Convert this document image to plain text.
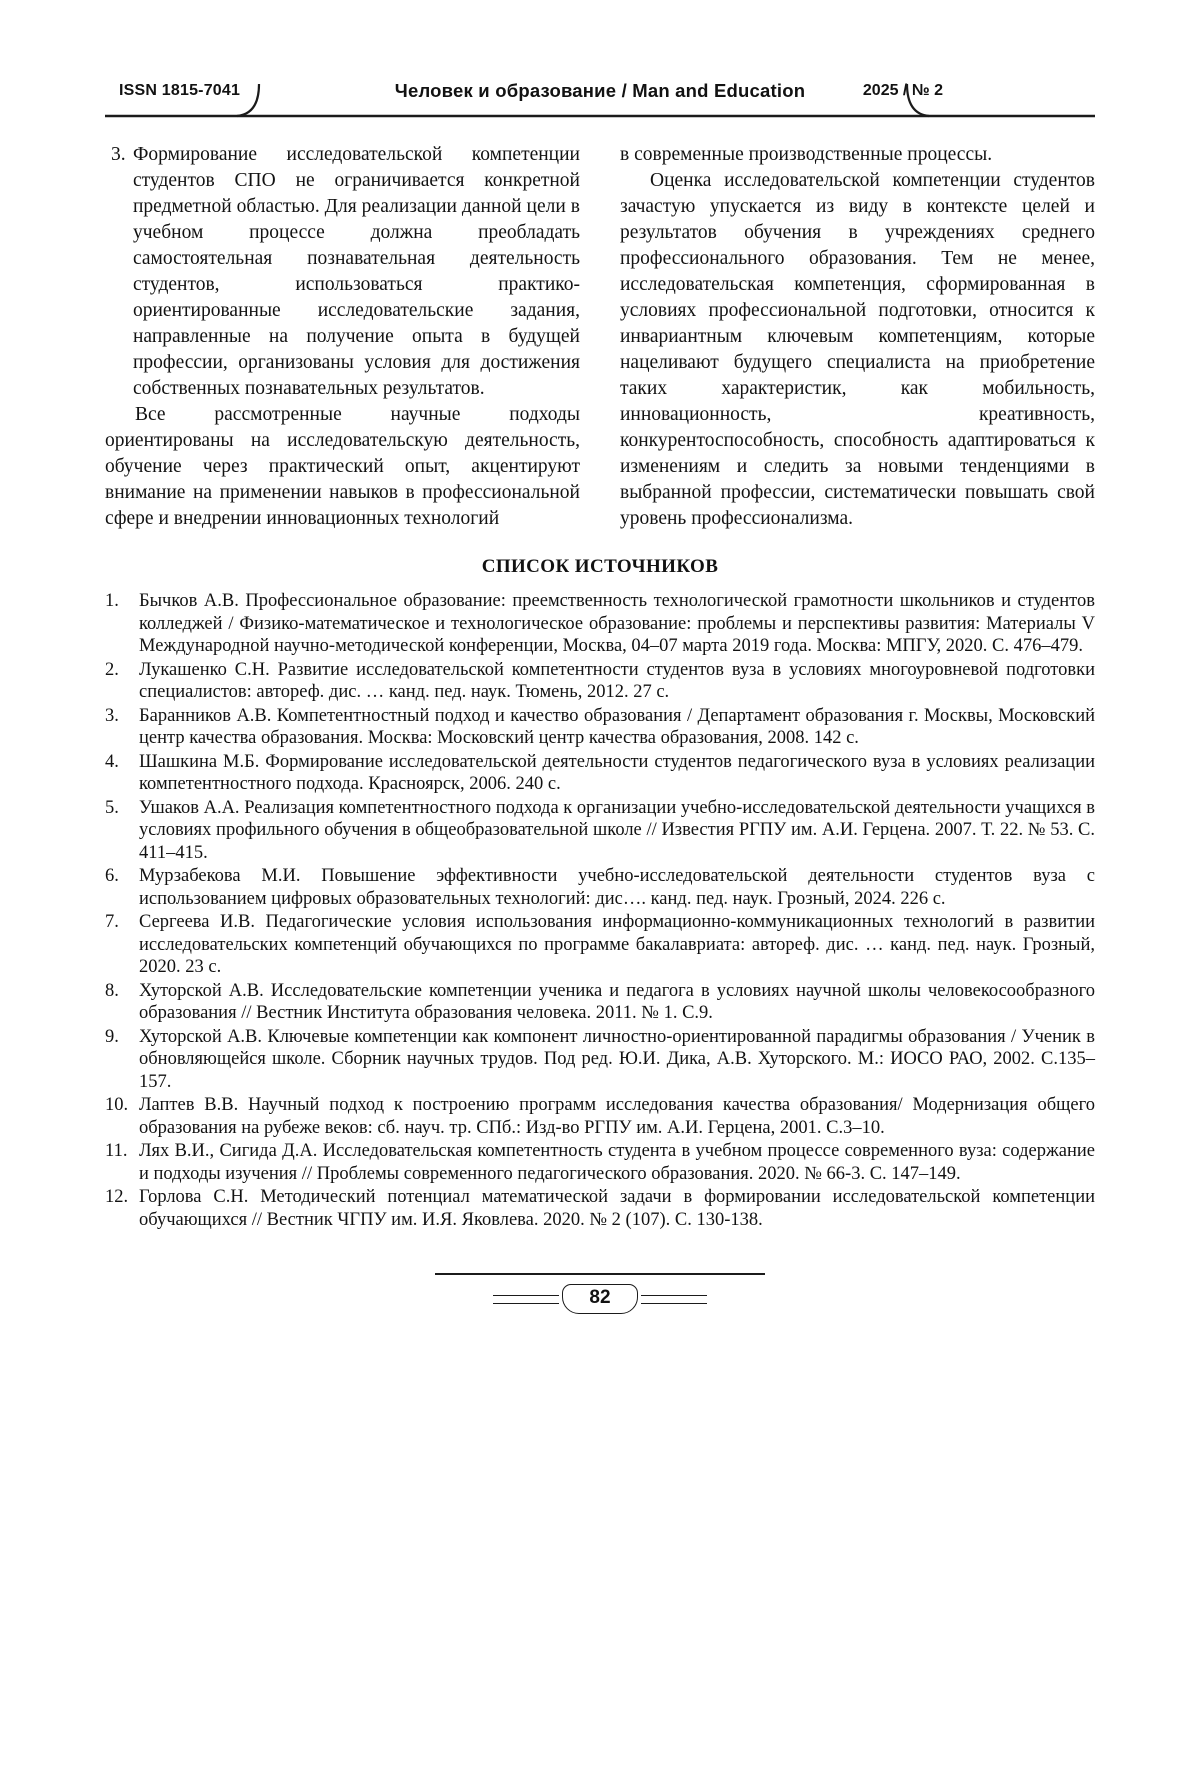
ISSN 1815-7041	Человек и образование / Man and Education	2025 / № 2

3. Формирование исследовательской компетенции студентов СПО не ограничивается конкретной предметной областью. Для реализации данной цели в учебном процессе должна преобладать самостоятельная познавательная деятельность студентов, использоваться практико-ориентированные исследовательские задания, направленные на получение опыта в будущей профессии, организованы условия для достижения собственных познавательных результатов.

Все рассмотренные научные подходы ориентированы на исследовательскую деятельность, обучение через практический опыт, акцентируют внимание на применении навыков в профессиональной сфере и внедрении инновационных технологий

в современные производственные процессы.

Оценка исследовательской компетенции студентов зачастую упускается из виду в контексте целей и результатов обучения в учреждениях среднего профессионального образования. Тем не менее, исследовательская компетенция, сформированная в условиях профессиональной подготовки, относится к инвариантным ключевым компетенциям, которые нацеливают будущего специалиста на приобретение таких характеристик, как мобильность, инновационность, креативность, конкурентоспособность, способность адаптироваться к изменениям и следить за новыми тенденциями в выбранной профессии, систематически повышать свой уровень профессионализма.

СПИСОК ИСТОЧНИКОВ
1. Бычков А.В. Профессиональное образование: преемственность технологической грамотности школьников и студентов колледжей / Физико-математическое и технологическое образование: проблемы и перспективы развития: Материалы V Международной научно-методической конференции, Москва, 04–07 марта 2019 года. Москва: МПГУ, 2020. С. 476–479.
2. Лукашенко С.Н. Развитие исследовательской компетентности студентов вуза в условиях многоуровневой подготовки специалистов: автореф. дис. … канд. пед. наук. Тюмень, 2012. 27 с.
3. Баранников А.В. Компетентностный подход и качество образования / Департамент образования г. Москвы, Московский центр качества образования. Москва: Московский центр качества образования, 2008. 142 с.
4. Шашкина М.Б. Формирование исследовательской деятельности студентов педагогического вуза в условиях реализации компетентностного подхода. Красноярск, 2006. 240 с.
5. Ушаков А.А. Реализация компетентностного подхода к организации учебно-исследовательской деятельности учащихся в условиях профильного обучения в общеобразовательной школе // Известия РГПУ им. А.И. Герцена. 2007. Т. 22. № 53. С. 411–415.
6. Мурзабекова М.И. Повышение эффективности учебно-исследовательской деятельности студентов вуза с использованием цифровых образовательных технологий: дис…. канд. пед. наук. Грозный, 2024. 226 с.
7. Сергеева И.В. Педагогические условия использования информационно-коммуникационных технологий в развитии исследовательских компетенций обучающихся по программе бакалавриата: автореф. дис. … канд. пед. наук. Грозный, 2020. 23 с.
8. Хуторской А.В. Исследовательские компетенции ученика и педагога в условиях научной школы человекосообразного образования // Вестник Института образования человека. 2011. № 1. С.9.
9. Хуторской А.В. Ключевые компетенции как компонент личностно-ориентированной парадигмы образования / Ученик в обновляющейся школе. Сборник научных трудов. Под ред. Ю.И. Дика, А.В. Хуторского. М.: ИОСО РАО, 2002. С.135–157.
10. Лаптев В.В. Научный подход к построению программ исследования качества образования/ Модернизация общего образования на рубеже веков: сб. науч. тр. СПб.: Изд-во РГПУ им. А.И. Герцена, 2001. С.3–10.
11. Лях В.И., Сигида Д.А. Исследовательская компетентность студента в учебном процессе современного вуза: содержание и подходы изучения // Проблемы современного педагогического образования. 2020. № 66-3. С. 147–149.
12. Горлова С.Н. Методический потенциал математической задачи в формировании исследовательской компетенции обучающихся // Вестник ЧГПУ им. И.Я. Яковлева. 2020. № 2 (107). С. 130-138.
82
